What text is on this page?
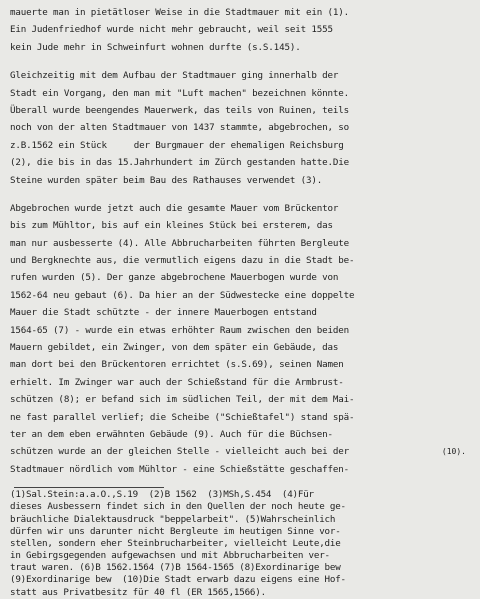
mauerte man in pietätloser Weise in die Stadtmauer mit ein (1).
Ein Judenfriedhof wurde nicht mehr gebraucht, weil seit 1555
kein Jude mehr in Schweinfurt wohnen durfte (s.S.145).
Gleichzeitig mit dem Aufbau der Stadtmauer ging innerhalb der
Stadt ein Vorgang, den man mit "Luft machen" bezeichnen könnte.
Überall wurde beengendes Mauerwerk, das teils von Ruinen, teils
noch von der alten Stadtmauer von 1437 stammte, abgebrochen, so
z.B.1562 ein Stück     der Burgmauer der ehemaligen Reichsburg
(2), die bis in das 15.Jahrhundert im Zürch gestanden hatte.Die
Steine wurden später beim Bau des Rathauses verwendet (3).
Abgebrochen wurde jetzt auch die gesamte Mauer vom Brückentor
bis zum Mühltor, bis auf ein kleines Stück bei ersterem, das
man nur ausbesserte (4). Alle Abbrucharbeiten führten Bergleute
und Bergknechte aus, die vermutlich eigens dazu in die Stadt be-
rufen wurden (5). Der ganze abgebrochene Mauerbogen wurde von
1562-64 neu gebaut (6). Da hier an der Südwestecke eine doppelte
Mauer die Stadt schützte - der innere Mauerbogen entstand
1564-65 (7) - wurde ein etwas erhöhter Raum zwischen den beiden
Mauern gebildet, ein Zwinger, von dem später ein Gebäude, das
man dort bei den Brückentoren errichtet (s.S.69), seinen Namen
erhielt. Im Zwinger war auch der Schießstand für die Armbrust-
schützen (8); er befand sich im südlichen Teil, der mit dem Mai-
ne fast parallel verlief; die Scheibe ("Schießtafel") stand spä-
ter an dem eben erwähnten Gebäude (9). Auch für die Büchsen-
schützen wurde an der gleichen Stelle - vielleicht auch bei der
Stadtmauer nördlich vom Mühltor - eine Schießstätte geschaffen-
(10).
(1)Sal.Stein:a.a.O.,S.19  (2)B 1562  (3)MSh,S.454  (4)Für
dieses Ausbessern findet sich in den Quellen der noch heute ge-
bräuchliche Dialektausdruck "beppelarbeit". (5)Wahrscheinlich
dürfen wir uns darunter nicht Bergleute im heutigen Sinne vor-
stellen, sondern eher Steinbrucharbeiter, vielleicht Leute,die
in Gebirgsgegenden aufgewachsen und mit Abbrucharbeiten ver-
traut waren. (6)B 1562.1564 (7)B 1564-1565 (8)Exordinarige bew
(9)Exordinarige bew  (10)Die Stadt erwarb dazu eigens eine Hof-
statt aus Privatbesitz für 40 fl (ER 1565,1566).
